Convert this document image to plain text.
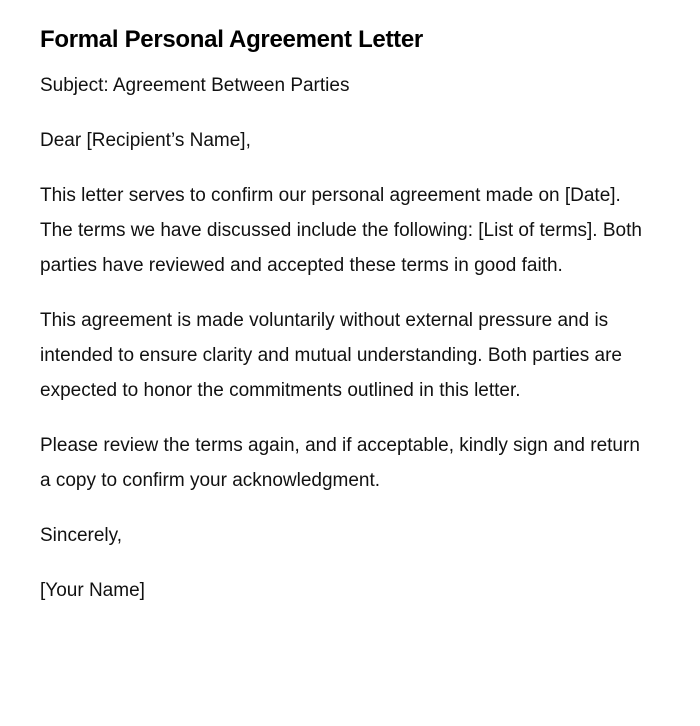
Formal Personal Agreement Letter

Subject: Agreement Between Parties

Dear [Recipient’s Name],

This letter serves to confirm our personal agreement made on [Date]. The terms we have discussed include the following: [List of terms]. Both parties have reviewed and accepted these terms in good faith.

This agreement is made voluntarily without external pressure and is intended to ensure clarity and mutual understanding. Both parties are expected to honor the commitments outlined in this letter.

Please review the terms again, and if acceptable, kindly sign and return a copy to confirm your acknowledgment.

Sincerely,

[Your Name]
